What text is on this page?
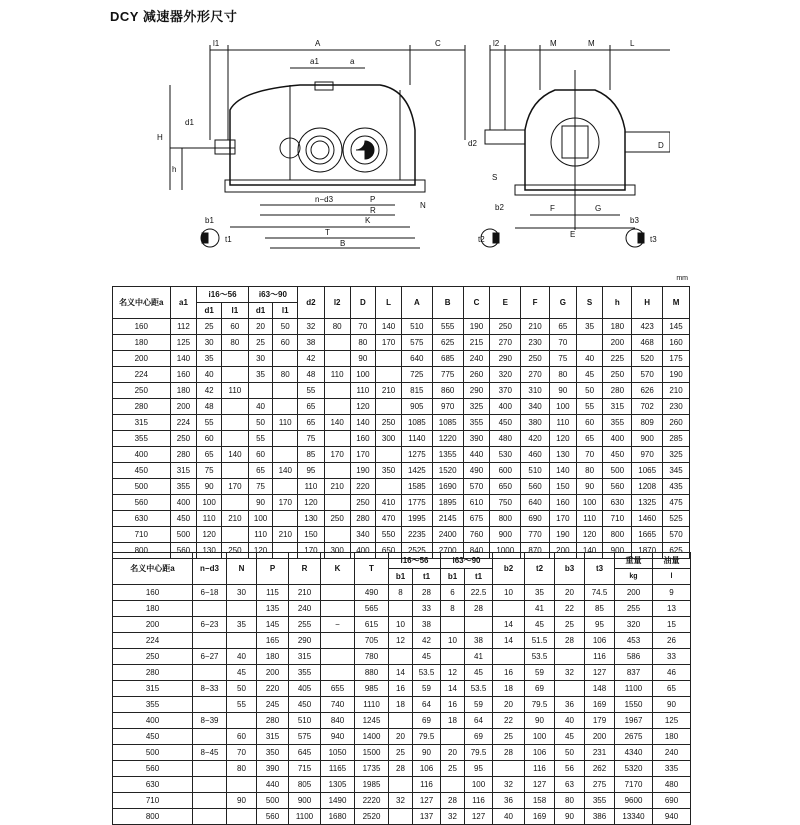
DCY 减速器外形尺寸
l1	A	C
a1	a
H
d1
h
n−d3	P
N
R
K
T
B
b1
t1
l2	M	M	L
d2	D
S
b2
t2
F	G
E
b3
t3
mm
名义中心距a	a1	i16～56		i63～90		d2	l2	D	L	A	B	C	E	F	G	S	h	H	M
		d1	l1	d1	l1														
160	112	25	60	20	50	32	80	70	140	510	555	190	250	210	65	35	180	423	145
180	125	30	80	25	60	38		80	170	575	625	215	270	230	70		200	468	160
200	140	35		30		42		90		640	685	240	290	250	75	40	225	520	175
224	160	40		35	80	48	110	100		725	775	260	320	270	80	45	250	570	190
250	180	42	110			55		110	210	815	860	290	370	310	90	50	280	626	210
280	200	48		40		65		120		905	970	325	400	340	100	55	315	702	230
315	224	55		50	110	65	140	140	250	1085	1085	355	450	380	110	60	355	809	260
355	250	60		55		75		160	300	1140	1220	390	480	420	120	65	400	900	285
400	280	65	140	60		85	170	170		1275	1355	440	530	460	130	70	450	970	325
450	315	75		65	140	95		190	350	1425	1520	490	600	510	140	80	500	1065	345
500	355	90	170	75		110	210	220		1585	1690	570	650	560	150	90	560	1208	435
560	400	100		90	170	120		250	410	1775	1895	610	750	640	160	100	630	1325	475
630	450	110	210	100		130	250	280	470	1995	2145	675	800	690	170	110	710	1460	525
710	500	120		110	210	150		340	550	2235	2400	760	900	770	190	120	800	1665	570
800	560	130	250	120		170	300	400	650	2525	2700	840	1000	870	200	140	900	1870	625
名义中心距a	n−d3	N	P	R	K	T	i16～56		i63～90		b2	t2	b3	t3	重量	油量
							b1	t1	b1	t1					kg	l
160	6−18	30	115	210		490	8	28	6	22.5	10	35	20	74.5	200	9
180			135	240		565		33	8	28		41	22	85	255	13
200	6−23	35	145	255	−	615	10	38			14	45	25	95	320	15
224			165	290		705	12	42	10	38	14	51.5	28	106	453	26
250	6−27	40	180	315		780		45		41		53.5		116	586	33
280		45	200	355		880	14	53.5	12	45	16	59	32	127	837	46
315	8−33	50	220	405	655	985	16	59	14	53.5	18	69		148	1100	65
355		55	245	450	740	1110	18	64	16	59	20	79.5	36	169	1550	90
400	8−39		280	510	840	1245		69	18	64	22	90	40	179	1967	125
450		60	315	575	940	1400	20	79.5		69	25	100	45	200	2675	180
500	8−45	70	350	645	1050	1500	25	90	20	79.5	28	106	50	231	4340	240
560		80	390	715	1165	1735	28	106	25	95		116	56	262	5320	335
630			440	805	1305	1985		116		100	32	127	63	275	7170	480
710		90	500	900	1490	2220	32	127	28	116	36	158	80	355	9600	690
800			560	1100	1680	2520		137	32	127	40	169	90	386	13340	940
